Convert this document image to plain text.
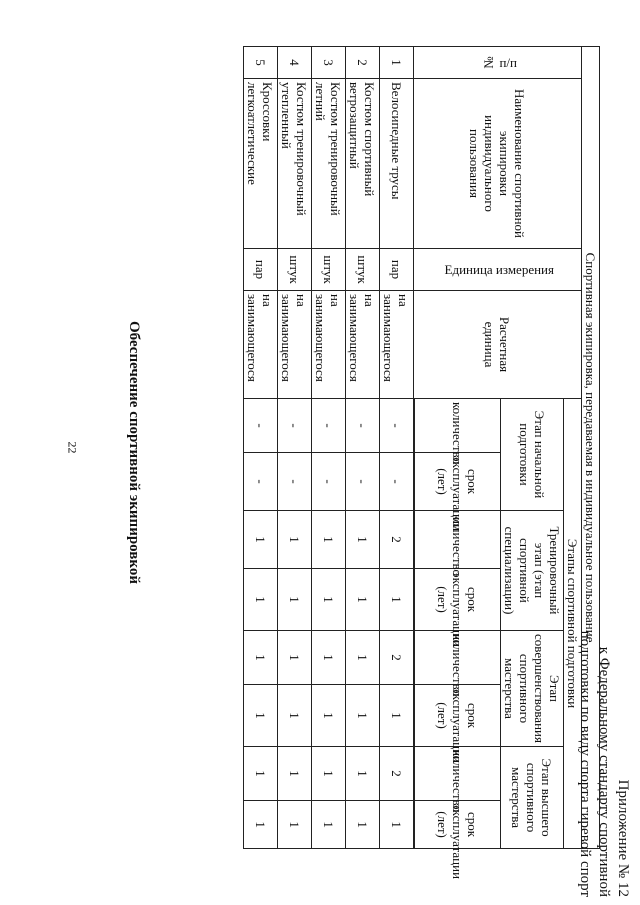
22
Приложение № 12
к Федеральному стандарту спортивной
подготовки по виду спорта гиревой спорт
Спортивная экипировка, передаваемая в индивидуальное пользование											
№ п/п	Наименование спортивной экипировки индивидуального пользования	Единица измерения	Расчетная единица	Этапы спортивной подготовки							
				Этап начальной подготовки		Тренировочный этап (этап спортивной специализации)		Этап совершенствования спортивного мастерства		Этап высшего спортивного мастерства	
				количество	срок эксплуатации (лет)	количество	срок эксплуатации (лет)	количество	срок эксплуатации (лет)	количество	срок эксплуатации (лет)

1	Велосипедные трусы	пар	на занимающегося	-	-	2	1	2	1	2	1
2	Костюм спортивный ветрозащитный	штук	на занимающегося	-	-	1	1	1	1	1	1
3	Костюм тренировочный летний	штук	на занимающегося	-	-	1	1	1	1	1	1
4	Костюм тренировочный утепленный	штук	на занимающегося	-	-	1	1	1	1	1	1
5	Кроссовки легкоатлетические	пар	на занимающегося	-	-	1	1	1	1	1	1
Обеспечение спортивной экипировкой
